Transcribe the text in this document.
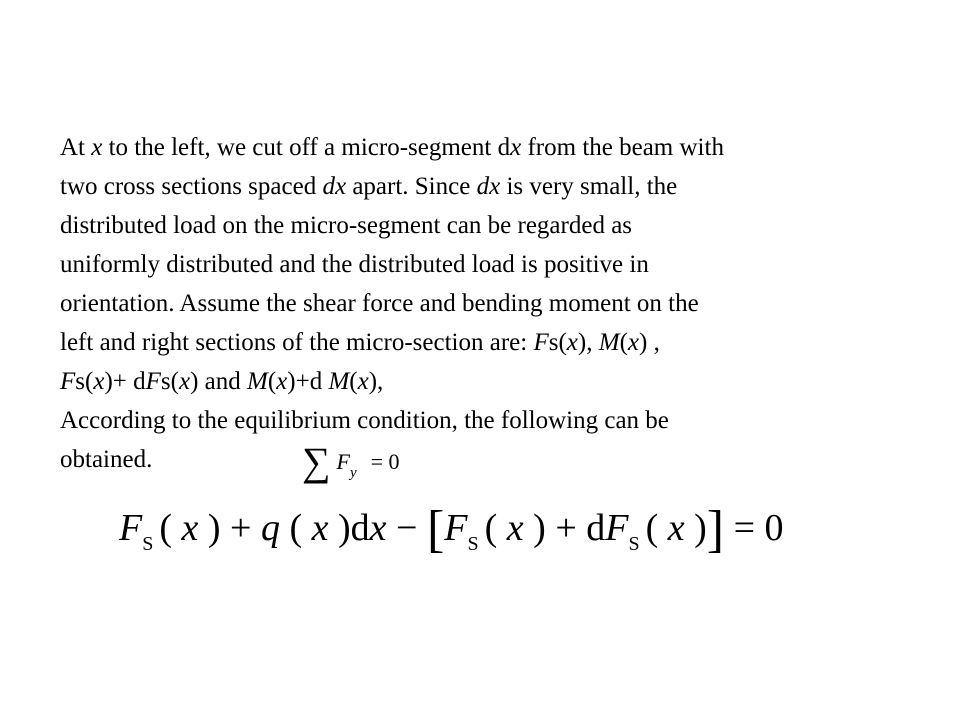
At x to the left, we cut off a micro-segment dx from the beam with
two cross sections spaced dx apart. Since dx is very small, the
distributed load on the micro-segment can be regarded as
uniformly distributed and the distributed load is positive in
orientation. Assume the shear force and bending moment on the
left and right sections of the micro-section are: Fs(x), M(x) ,
Fs(x)+ dFs(x) and M(x)+d M(x),
According to the equilibrium condition, the following can be
obtained.	∑ $F_y = 0$
$F_S$ ( x ) + q ( x )$dx - [F_S$ ( x ) + $dF_S$ ( x )] = 0
